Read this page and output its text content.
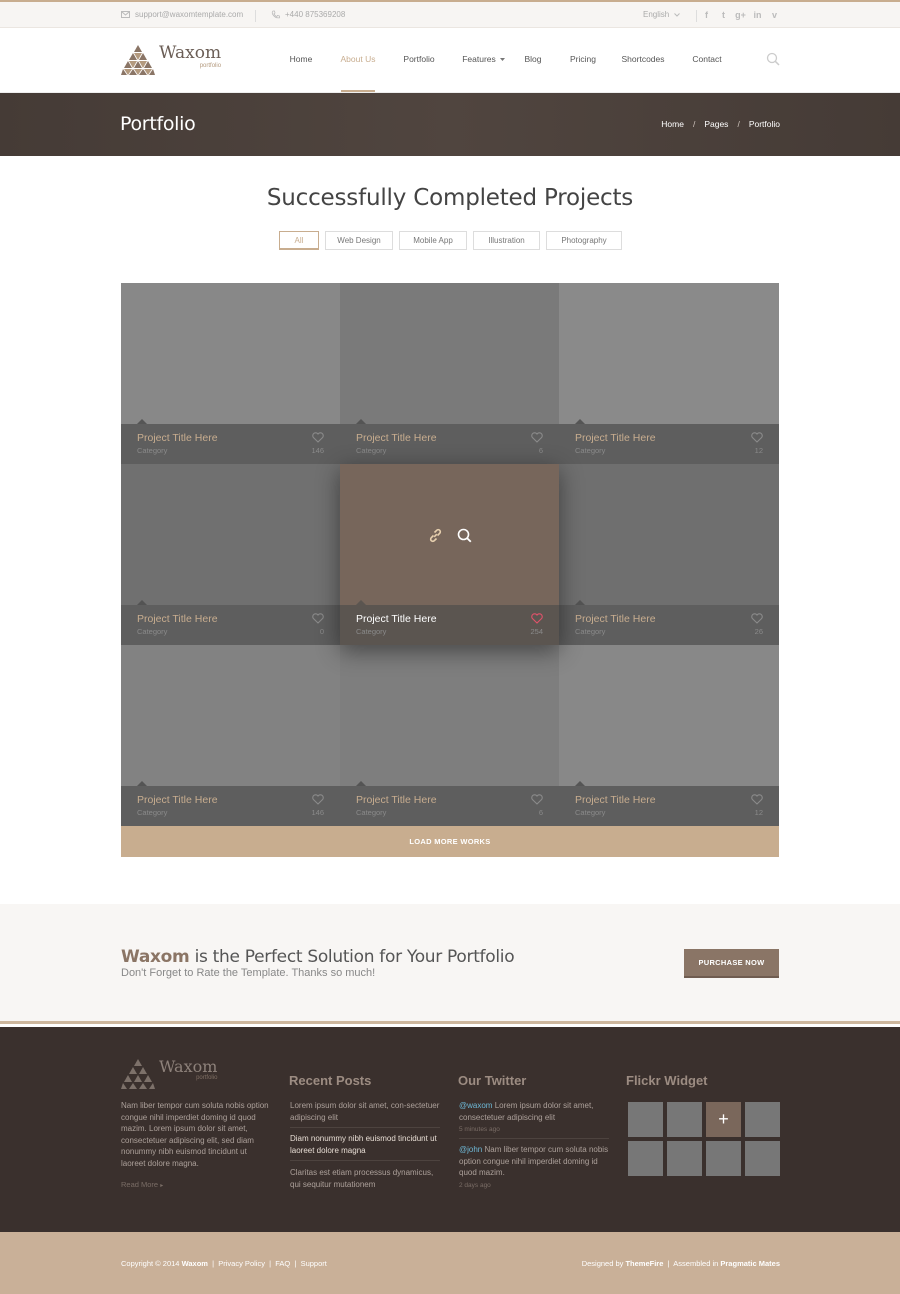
support@waxomtemplate.com	+440 875369208	English	f	t	g+ in	v
Waxom
portfolio
Home	About Us	Portfolio	Features	Blog	Pricing	Shortcodes	Contact
Portfolio	Home / Pages / Portfolio
Successfully Completed Projects
All	Web Design	Mobile App	Illustration	Photography
Project Title Here
Category	146
Project Title Here
Category	6
Project Title Here
Category	12
Project Title Here
Category	0
Project Title Here
Category	254
Project Title Here
Category	26
Project Title Here
Category	146
Project Title Here
Category	6
Project Title Here
Category	12
LOAD MORE WORKS
Waxom is the Perfect Solution for Your Portfolio
Don't Forget to Rate the Template. Thanks so much!
PURCHASE NOW
Waxom
portfolio
Nam liber tempor cum soluta nobis option congue nihil imperdiet doming id quod mazim. Lorem ipsum dolor sit amet, consectetuer adipiscing elit, sed diam nonummy nibh euismod tincidunt ut laoreet dolore magna.
Read More ▸
Recent Posts
Lorem ipsum dolor sit amet, con-sectetuer adipiscing elit
Diam nonummy nibh euismod tincidunt ut laoreet dolore magna
Claritas est etiam processus dynamicus, qui sequitur mutationem
Our Twitter
@waxom Lorem ipsum dolor sit amet, consectetuer adipiscing elit
5 minutes ago
@john Nam liber tempor cum soluta nobis option congue nihil imperdiet doming id quod mazim.
2 days ago
Flickr Widget
+
Copyright © 2014 Waxom  |  Privacy Policy  |  FAQ  |  Support	Designed by ThemeFire  |  Assembled in Pragmatic Mates
